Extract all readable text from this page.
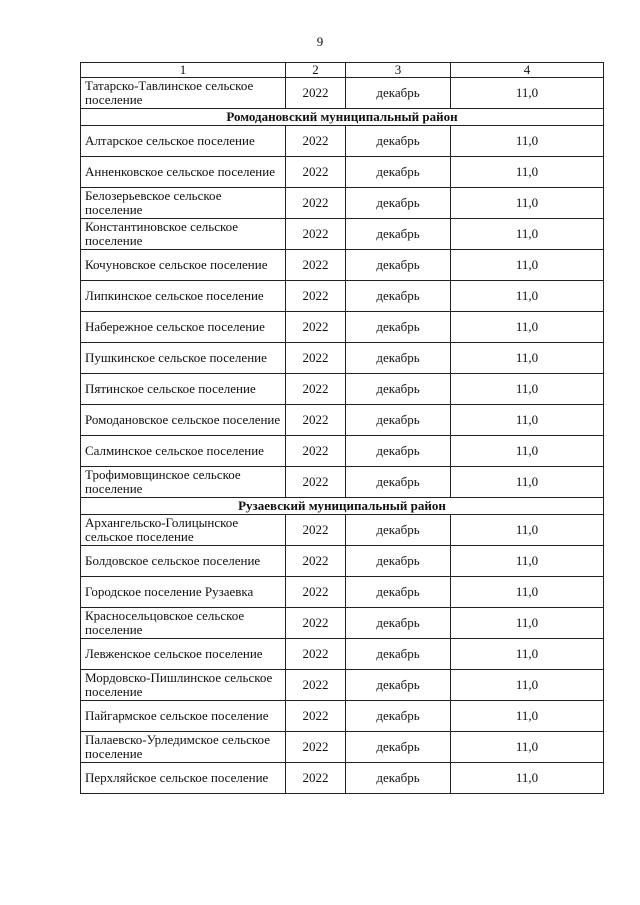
9
1	2	3	4
Татарско-Тавлинское сельское поселение	2022	декабрь	11,0
Ромодановский муниципальный район			
Алтарское сельское поселение	2022	декабрь	11,0
Анненковское сельское поселение	2022	декабрь	11,0
Белозерьевское сельское поселение	2022	декабрь	11,0
Константиновское сельское поселение	2022	декабрь	11,0
Кочуновское сельское поселение	2022	декабрь	11,0
Липкинское сельское поселение	2022	декабрь	11,0
Набережное сельское поселение	2022	декабрь	11,0
Пушкинское сельское поселение	2022	декабрь	11,0
Пятинское сельское поселение	2022	декабрь	11,0
Ромодановское сельское поселение	2022	декабрь	11,0
Салминское сельское поселение	2022	декабрь	11,0
Трофимовщинское сельское поселение	2022	декабрь	11,0
Рузаевский муниципальный район			
Архангельско-Голицынское сельское поселение	2022	декабрь	11,0
Болдовское сельское поселение	2022	декабрь	11,0
Городское поселение Рузаевка	2022	декабрь	11,0
Красносельцовское сельское поселение	2022	декабрь	11,0
Левженское сельское поселение	2022	декабрь	11,0
Мордовско-Пишлинское сельское поселение	2022	декабрь	11,0
Пайгармское сельское поселение	2022	декабрь	11,0
Палаевско-Урледимское сельское поселение	2022	декабрь	11,0
Перхляйское сельское поселение	2022	декабрь	11,0
